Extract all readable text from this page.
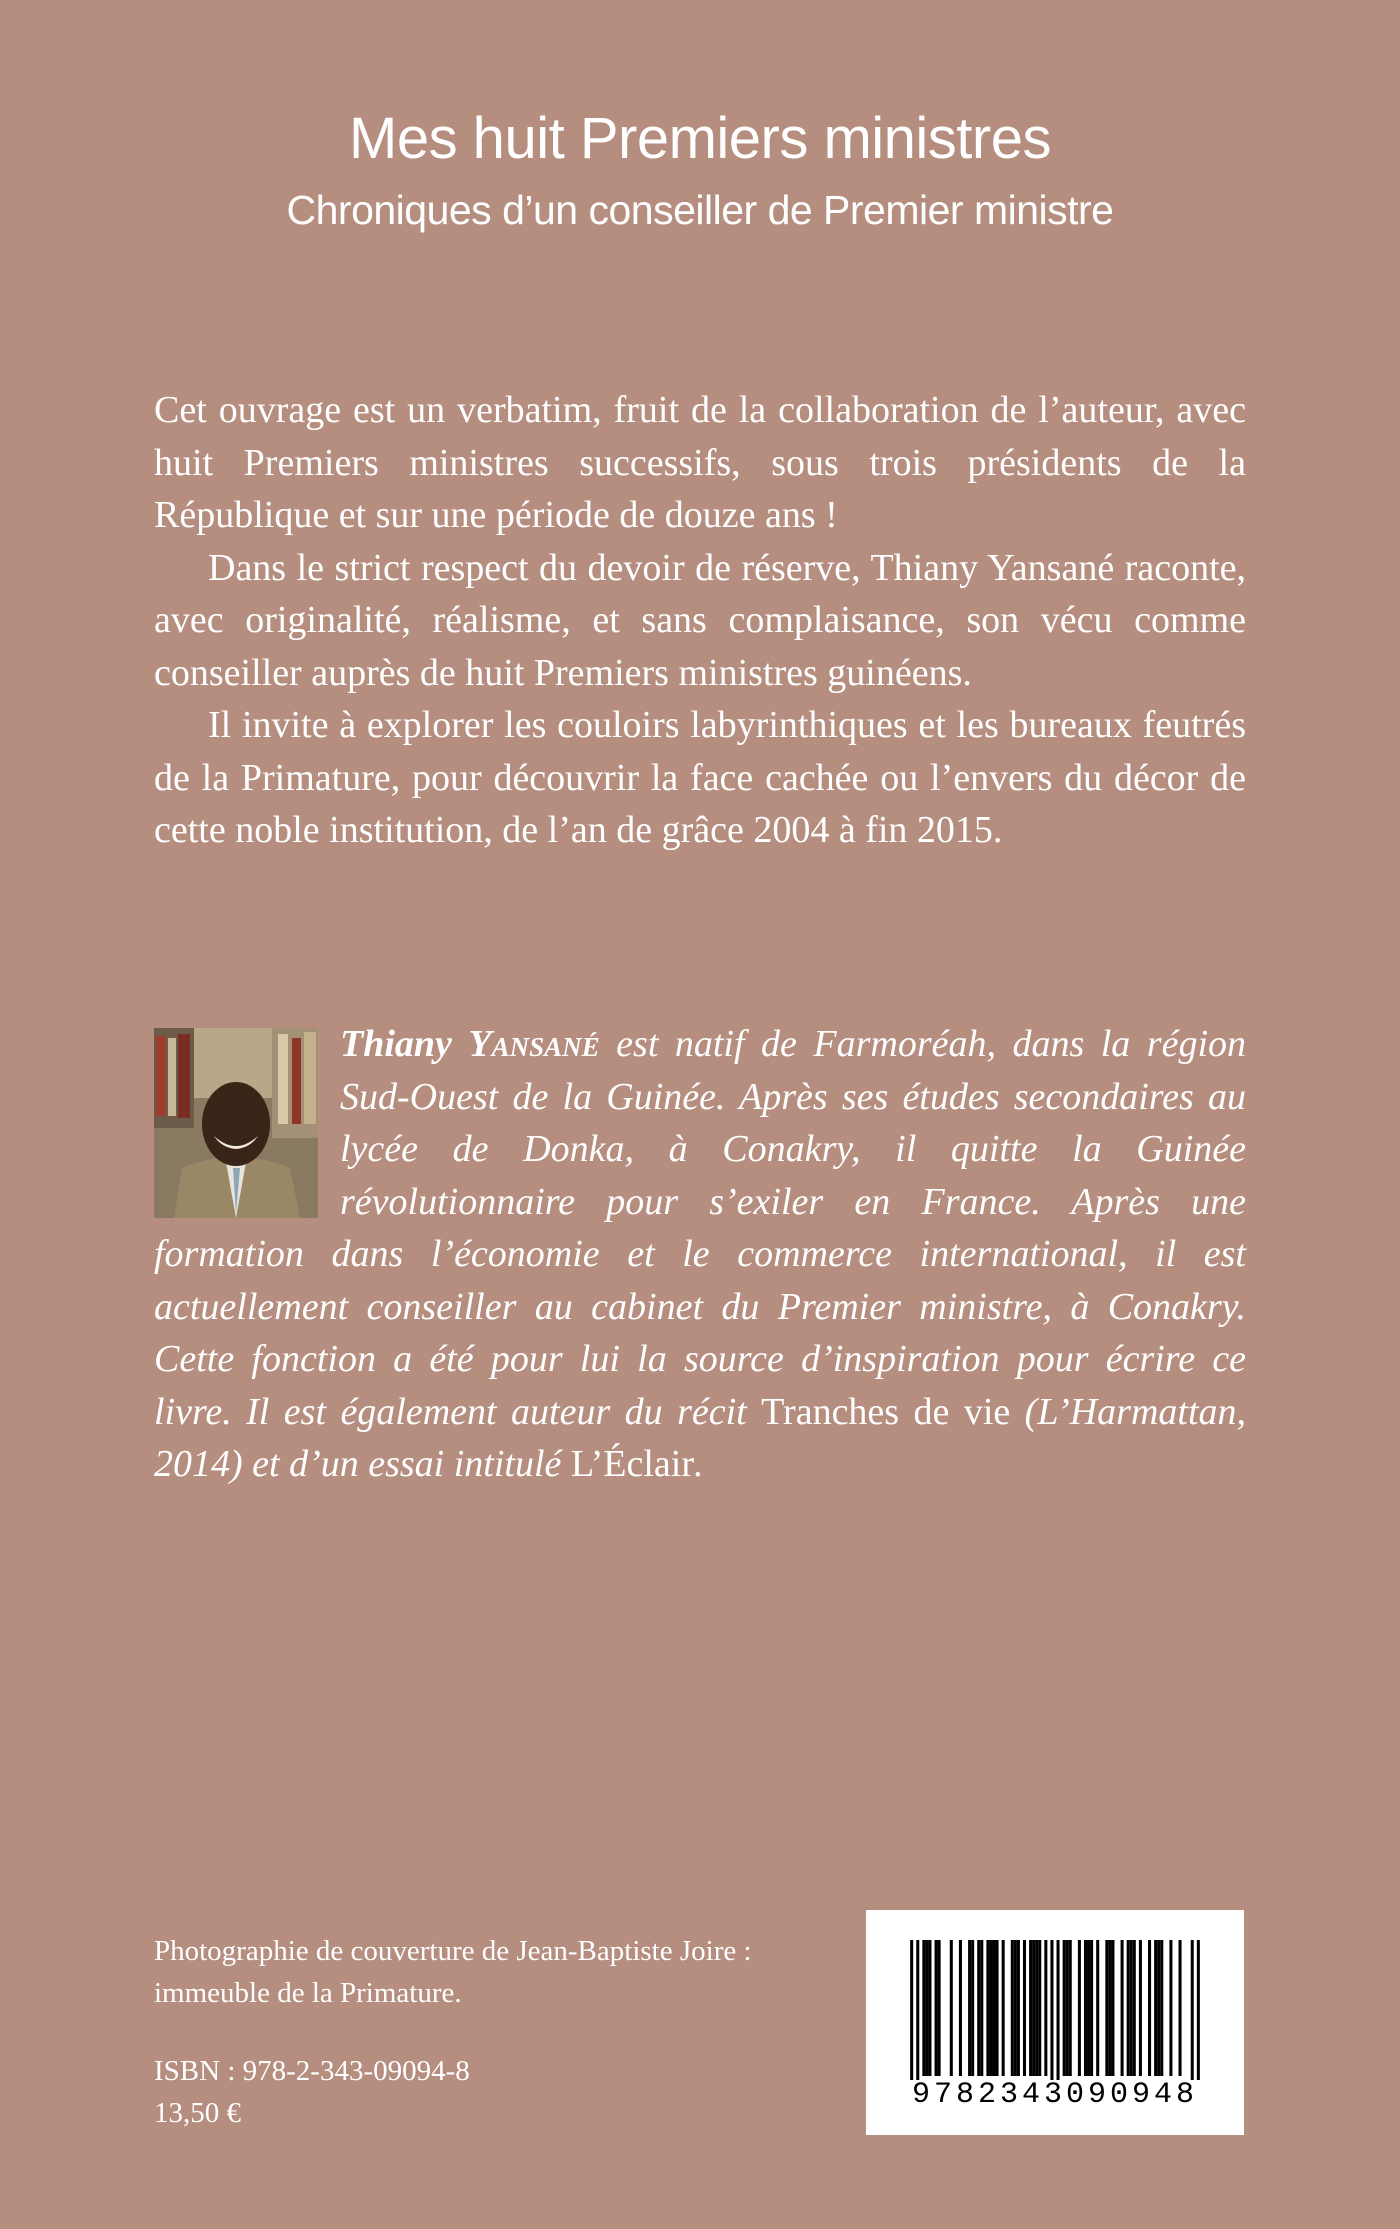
Mes huit Premiers ministres
Chroniques d’un conseiller de Premier ministre

Cet ouvrage est un verbatim, fruit de la collaboration de l’auteur, avec huit Premiers ministres successifs, sous trois présidents de la République et sur une période de douze ans !

Dans le strict respect du devoir de réserve, Thiany Yansané raconte, avec originalité, réalisme, et sans complaisance, son vécu comme conseiller auprès de huit Premiers ministres guinéens.

Il invite à explorer les couloirs labyrinthiques et les bureaux feutrés de la Primature, pour découvrir la face cachée ou l’envers du décor de cette noble institution, de l’an de grâce 2004 à fin 2015.

Thiany Yansané est natif de Farmoréah, dans la région Sud-Ouest de la Guinée. Après ses études secondaires au lycée de Donka, à Conakry, il quitte la Guinée révolutionnaire pour s’exiler en France. Après une formation dans l’économie et le commerce international, il est actuellement conseiller au cabinet du Premier ministre, à Conakry. Cette fonction a été pour lui la source d’inspiration pour écrire ce livre. Il est également auteur du récit Tranches de vie (L’Harmattan, 2014) et d’un essai intitulé L’Éclair.

Photographie de couverture de Jean-Baptiste Joire :

immeuble de la Primature.

ISBN : 978-2-343-09094-8
13,50 €
9782343090948
